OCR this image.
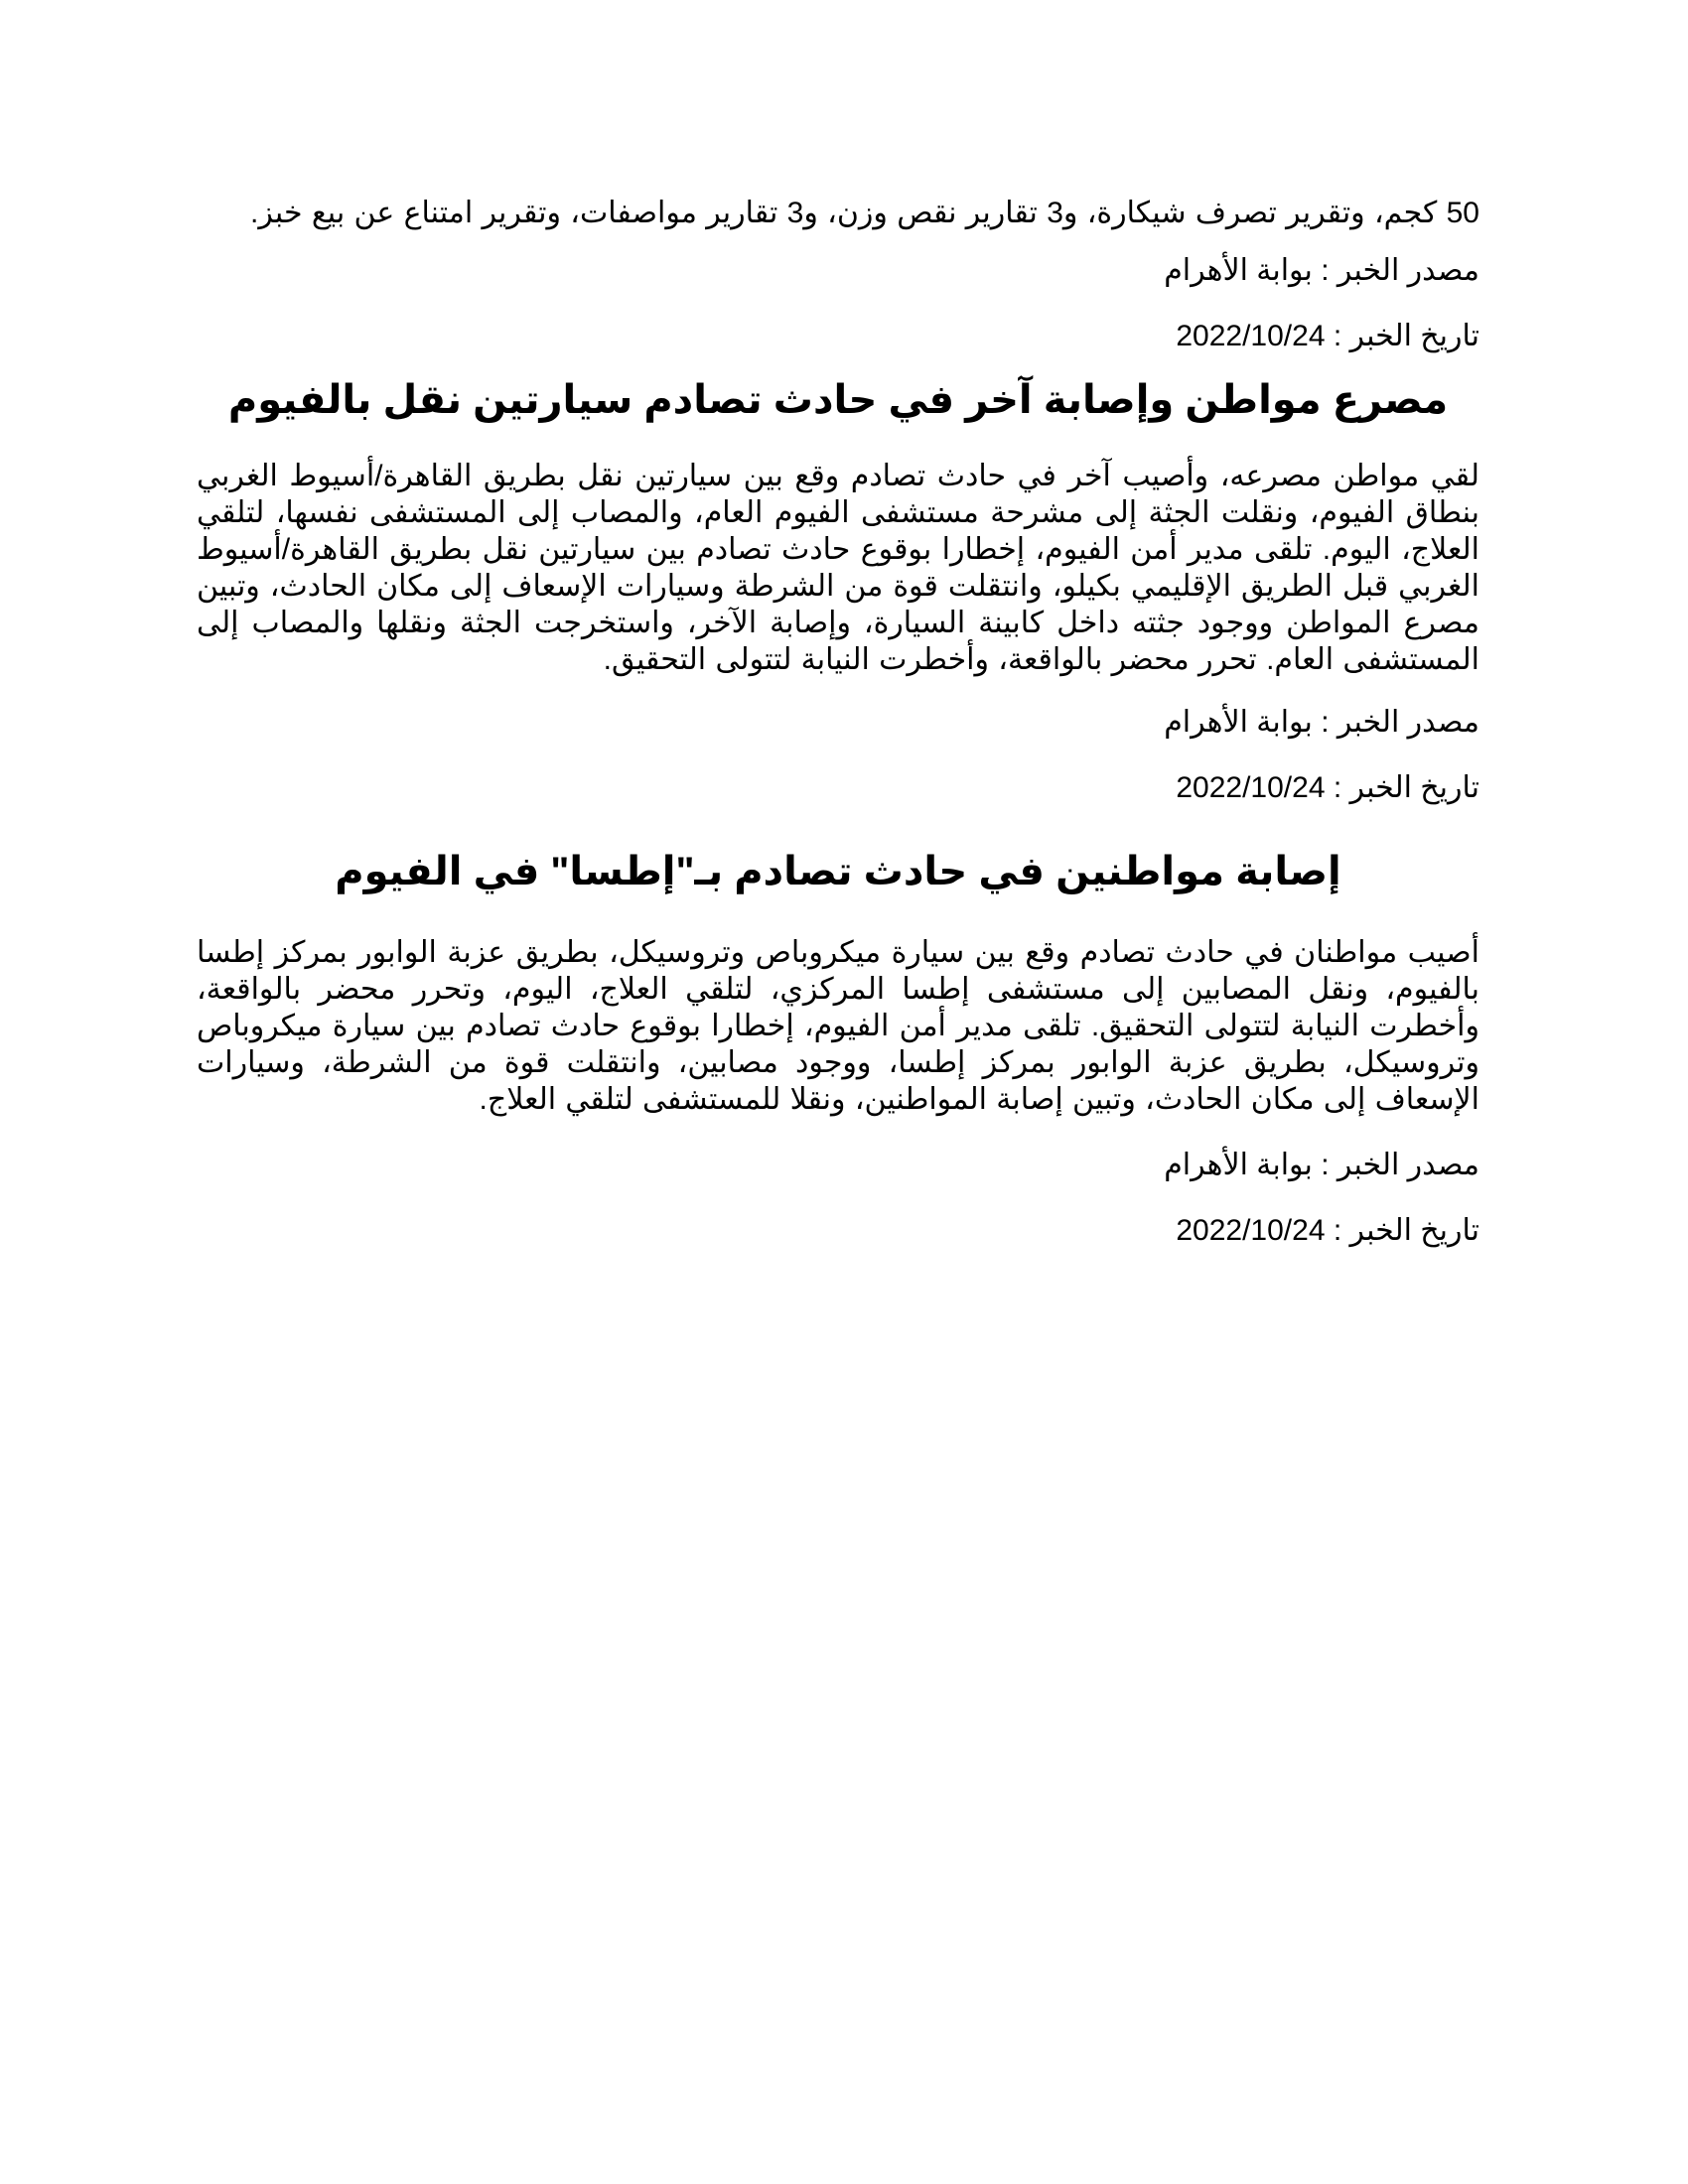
50 كجم، وتقرير تصرف شيكارة، و3 تقارير نقص وزن، و3 تقارير مواصفات، وتقرير امتناع عن بيع خبز.

مصدر الخبر : بوابة الأهرام

تاريخ الخبر : 2022/10/24

مصرع مواطن وإصابة آخر في حادث تصادم سيارتين نقل بالفيوم

لقي مواطن مصرعه، وأصيب آخر في حادث تصادم وقع بين سيارتين نقل بطريق القاهرة/أسيوط الغربي بنطاق الفيوم، ونقلت الجثة إلى مشرحة مستشفى الفيوم العام، والمصاب إلى المستشفى نفسها، لتلقي العلاج، اليوم. تلقى مدير أمن الفيوم، إخطارا بوقوع حادث تصادم بين سيارتين نقل بطريق القاهرة/أسيوط الغربي قبل الطريق الإقليمي بكيلو، وانتقلت قوة من الشرطة وسيارات الإسعاف إلى مكان الحادث، وتبين مصرع المواطن ووجود جثته داخل كابينة السيارة، وإصابة الآخر، واستخرجت الجثة ونقلها والمصاب إلى المستشفى العام. تحرر محضر بالواقعة، وأخطرت النيابة لتتولى التحقيق.

مصدر الخبر : بوابة الأهرام

تاريخ الخبر : 2022/10/24

إصابة مواطنين في حادث تصادم بـ"إطسا" في الفيوم

أصيب مواطنان في حادث تصادم وقع بين سيارة ميكروباص وتروسيكل، بطريق عزبة الوابور بمركز إطسا بالفيوم، ونقل المصابين إلى مستشفى إطسا المركزي، لتلقي العلاج، اليوم، وتحرر محضر بالواقعة، وأخطرت النيابة لتتولى التحقيق. تلقى مدير أمن الفيوم، إخطارا بوقوع حادث تصادم بين سيارة ميكروباص وتروسيكل، بطريق عزبة الوابور بمركز إطسا، ووجود مصابين، وانتقلت قوة من الشرطة، وسيارات الإسعاف إلى مكان الحادث، وتبين إصابة المواطنين، ونقلا للمستشفى لتلقي العلاج.

مصدر الخبر : بوابة الأهرام

تاريخ الخبر : 2022/10/24
